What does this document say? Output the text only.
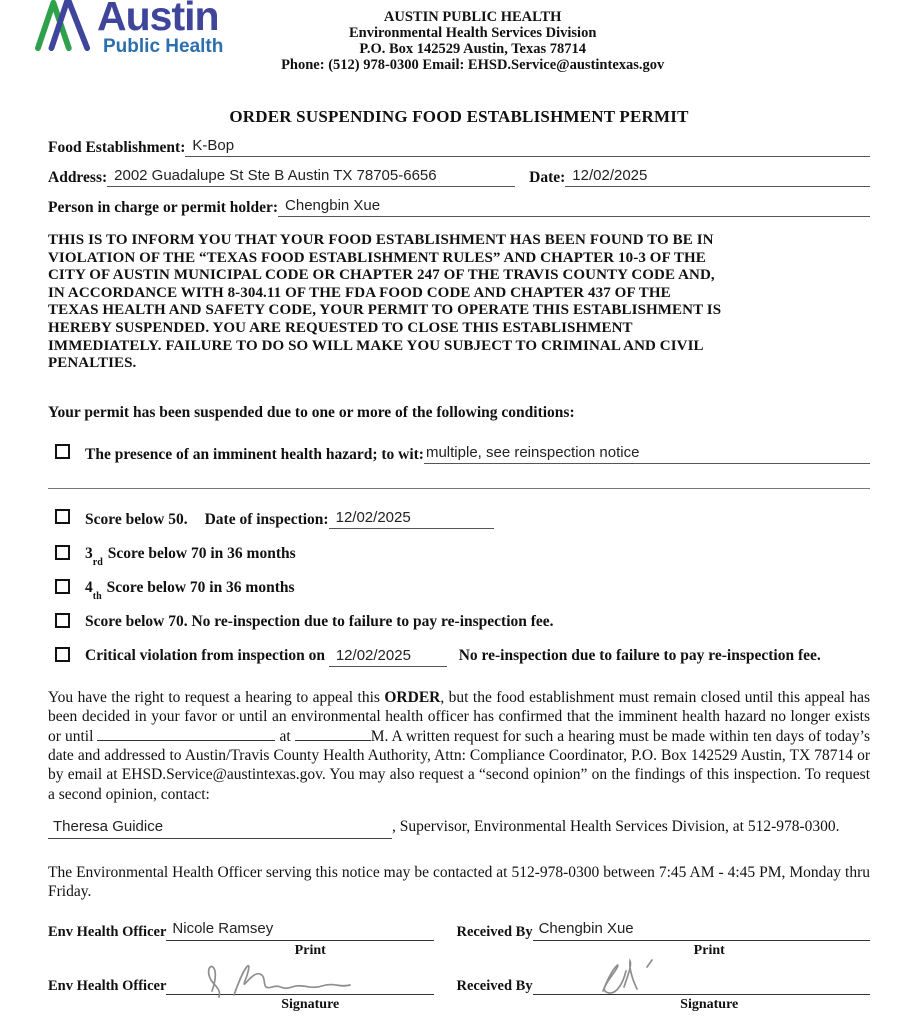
Austin
Public Health
AUSTIN PUBLIC HEALTH
Environmental Health Services Division
P.O. Box 142529 Austin, Texas 78714
Phone: (512) 978-0300 Email: EHSD.Service@austintexas.gov
ORDER SUSPENDING FOOD ESTABLISHMENT PERMIT
Food Establishment: K-Bop
Address: 2002 Guadalupe St Ste B Austin TX 78705-6656	Date: 12/02/2025
Person in charge or permit holder: Chengbin Xue
THIS IS TO INFORM YOU THAT YOUR FOOD ESTABLISHMENT HAS BEEN FOUND TO BE IN
VIOLATION OF THE “TEXAS FOOD ESTABLISHMENT RULES” AND CHAPTER 10-3 OF THE
CITY OF AUSTIN MUNICIPAL CODE OR CHAPTER 247 OF THE TRAVIS COUNTY CODE AND,
IN ACCORDANCE WITH 8-304.11 OF THE FDA FOOD CODE AND CHAPTER 437 OF THE
TEXAS HEALTH AND SAFETY CODE, YOUR PERMIT TO OPERATE THIS ESTABLISHMENT IS
HEREBY SUSPENDED. YOU ARE REQUESTED TO CLOSE THIS ESTABLISHMENT
IMMEDIATELY. FAILURE TO DO SO WILL MAKE YOU SUBJECT TO CRIMINAL AND CIVIL
PENALTIES.
Your permit has been suspended due to one or more of the following conditions:
The presence of an imminent health hazard; to wit: multiple, see reinspection notice
Score below 50. Date of inspection: 12/02/2025
3
rd
Score below 70 in 36 months
4
th
Score below 70 in 36 months
Score below 70. No re-inspection due to failure to pay re-inspection fee.
Critical violation from inspection on 12/02/2025	No re-inspection due to failure to pay re-inspection fee.

You have the right to request a hearing to appeal this ORDER, but the food establishment must remain closed until this appeal has been decided in your favor or until an environmental health officer has confirmed that the imminent health hazard no longer exists or until	at	M. A written request for such a hearing must be made within ten days of today’s date and addressed to Austin/Travis County Health Authority, Attn: Compliance Coordinator, P.O. Box 142529 Austin, TX 78714 or by email at EHSD.Service@austintexas.gov. You may also request a “second opinion” on the findings of this inspection. To request a second opinion, contact:

Theresa Guidice	, Supervisor, Environmental Health Services Division, at 512-978-0300.

The Environmental Health Officer serving this notice may be contacted at 512-978-0300 between 7:45 AM - 4:45 PM, Monday thru Friday.

Env Health Officer Nicole Ramsey
Print
Env Health Officer
Signature
Received By Chengbin Xue
Print
Received By
Signature
